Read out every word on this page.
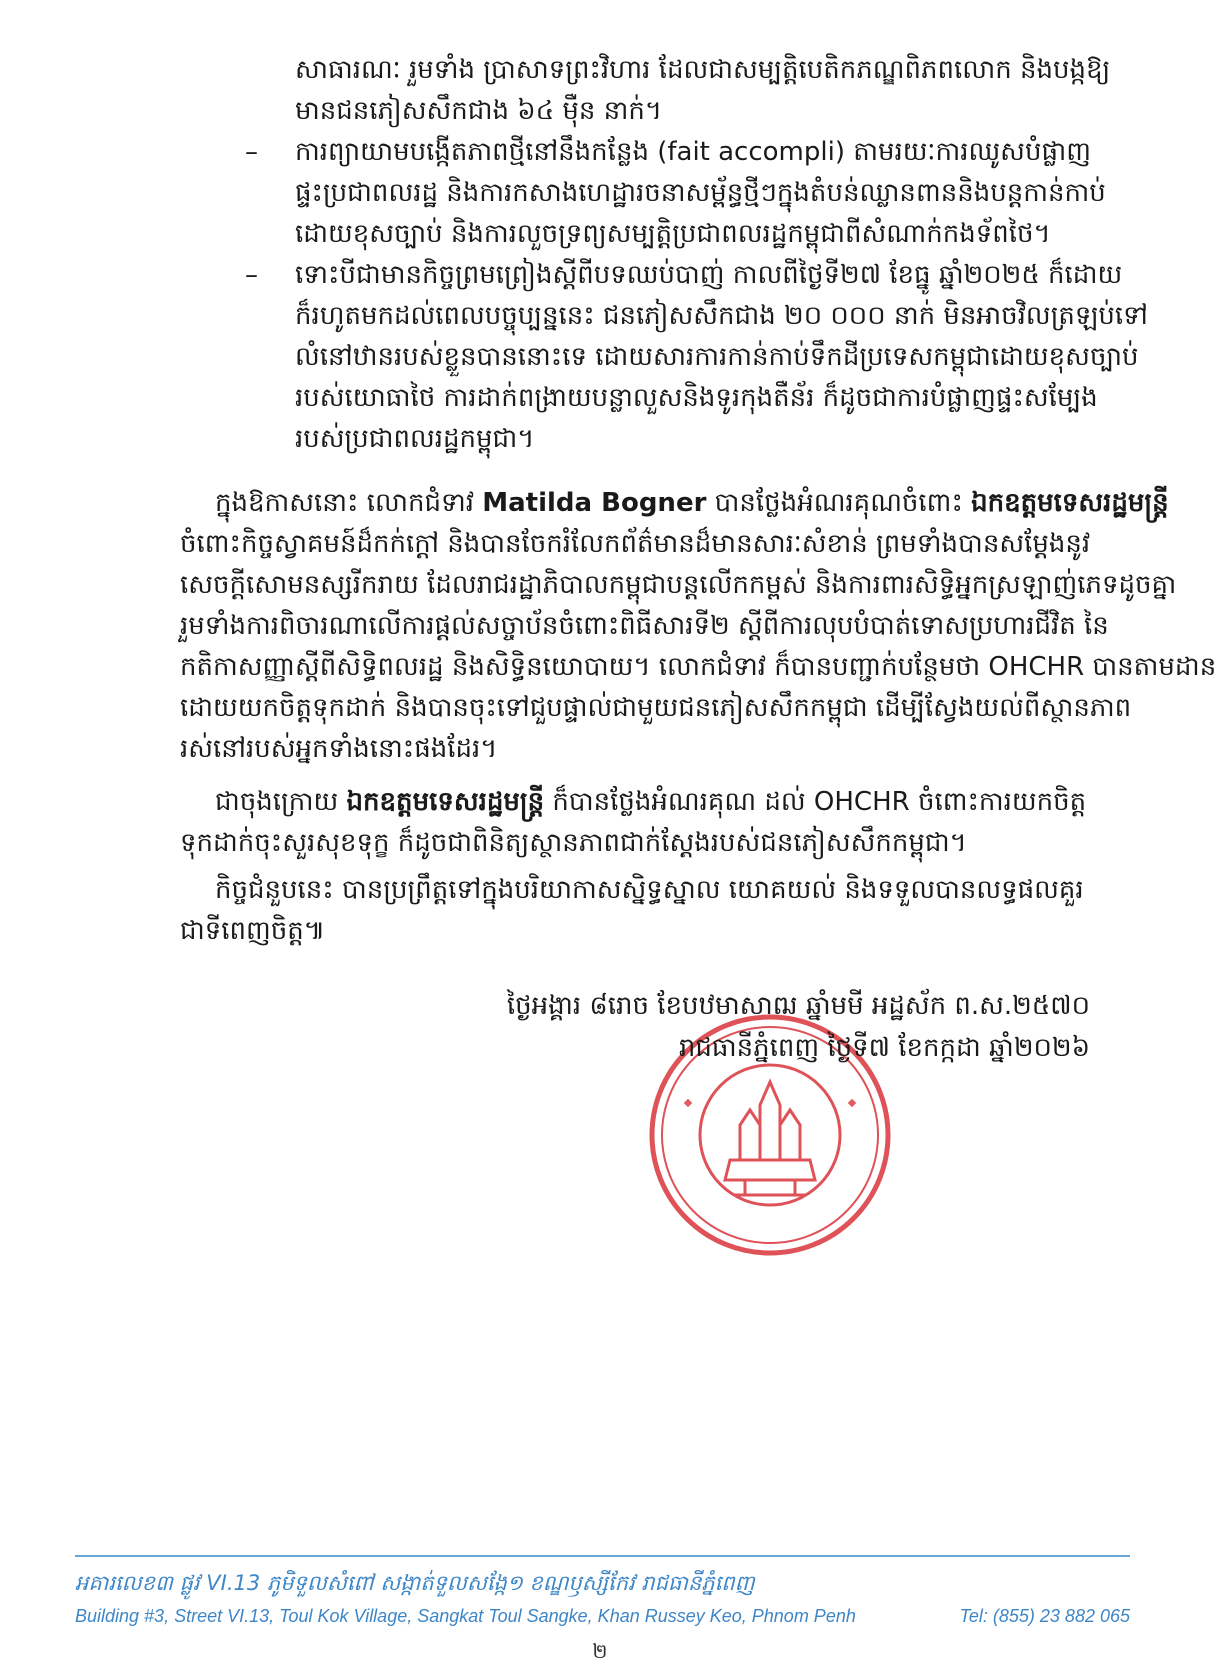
សាធារណៈ រួមទាំង ប្រាសាទព្រះវិហារ ដែលជាសម្បត្តិបេតិកភណ្ឌពិភពលោក និងបង្កឱ្យ
មានជនភៀសសឹកជាង ៦៤ ម៉ឺន នាក់។
–	ការព្យាយាមបង្កើតភាពថ្មីនៅនឹងកន្លែង (fait accompli) តាមរយៈការឈូសបំផ្លាញ
ផ្ទះប្រជាពលរដ្ឋ និងការកសាងហេដ្ឋារចនាសម្ព័ន្ធថ្មីៗក្នុងតំបន់ឈ្លានពាននិងបន្តកាន់កាប់
ដោយខុសច្បាប់ និងការលួចទ្រព្យសម្បត្តិប្រជាពលរដ្ឋកម្ពុជាពីសំណាក់កងទ័ពថៃ។
–	ទោះបីជាមានកិច្ចព្រមព្រៀងស្តីពីបទឈប់បាញ់ កាលពីថ្ងៃទី២៧ ខែធ្នូ ឆ្នាំ២០២៥ ក៏ដោយ
ក៏រហូតមកដល់ពេលបច្ចុប្បន្ននេះ ជនភៀសសឹកជាង ២០ ០០០ នាក់ មិនអាចវិលត្រឡប់ទៅ
លំនៅឋានរបស់ខ្លួនបាននោះទេ ដោយសារការកាន់កាប់ទឹកដីប្រទេសកម្ពុជាដោយខុសច្បាប់
របស់យោធាថៃ ការដាក់ពង្រាយបន្លាលួសនិងទូរកុងតឺន័រ ក៏ដូចជាការបំផ្លាញផ្ទះសម្បែង
របស់ប្រជាពលរដ្ឋកម្ពុជា។
ក្នុងឱកាសនោះ លោកជំទាវ Matilda Bogner បានថ្លែងអំណរគុណចំពោះ ឯកឧត្តមទេសរដ្ឋមន្ត្រី
ចំពោះកិច្ចស្វាគមន៍ដ៏កក់ក្ដៅ និងបានចែករំលែកព័ត៌មានដ៏មានសារៈសំខាន់ ព្រមទាំងបានសម្តែងនូវ
សេចក្តីសោមនស្សរីករាយ ដែលរាជរដ្ឋាភិបាលកម្ពុជាបន្តលើកកម្ពស់ និងការពារសិទ្ធិអ្នកស្រឡាញ់ភេទដូចគ្នា
រួមទាំងការពិចារណាលើការផ្តល់សច្ចាប័នចំពោះពិធីសារទី២ ស្តីពីការលុបបំបាត់ទោសប្រហារជីវិត នៃ
កតិកាសញ្ញាស្តីពីសិទ្ធិពលរដ្ឋ និងសិទ្ធិនយោបាយ។ លោកជំទាវ ក៏បានបញ្ជាក់បន្ថែមថា OHCHR បានតាមដាន
ដោយយកចិត្តទុកដាក់ និងបានចុះទៅជួបផ្ទាល់ជាមួយជនភៀសសឹកកម្ពុជា ដើម្បីស្វែងយល់ពីស្ថានភាព
រស់នៅរបស់អ្នកទាំងនោះផងដែរ។
ជាចុងក្រោយ ឯកឧត្តមទេសរដ្ឋមន្ត្រី ក៏បានថ្លែងអំណរគុណ ដល់ OHCHR ចំពោះការយកចិត្ត
ទុកដាក់ចុះសួរសុខទុក្ខ ក៏ដូចជាពិនិត្យស្ថានភាពជាក់ស្តែងរបស់ជនភៀសសឹកកម្ពុជា។
កិច្ចជំនួបនេះ បានប្រព្រឹត្តទៅក្នុងបរិយាកាសស្និទ្ធស្នាល យោគយល់ និងទទួលបានលទ្ធផលគួរ
ជាទីពេញចិត្ត៕
ថ្ងៃអង្គារ ៨រោច ខែបឋមាសាឍ ឆ្នាំមមី អដ្ឋស័ក ព.ស.២៥៧០
រាជធានីភ្នំពេញ ថ្ងៃទី៧ ខែកក្កដា ឆ្នាំ២០២៦
អគារលេខ៣ ផ្លូវ VI.13 ភូមិទួលសំពៅ សង្កាត់ទួលសង្កែ១ ខណ្ឌឫស្សីកែវ រាជធានីភ្នំពេញ
Building #3, Street VI.13, Toul Kok Village, Sangkat Toul Sangke, Khan Russey Keo, Phnom Penh	Tel: (855) 23 882 065
២
